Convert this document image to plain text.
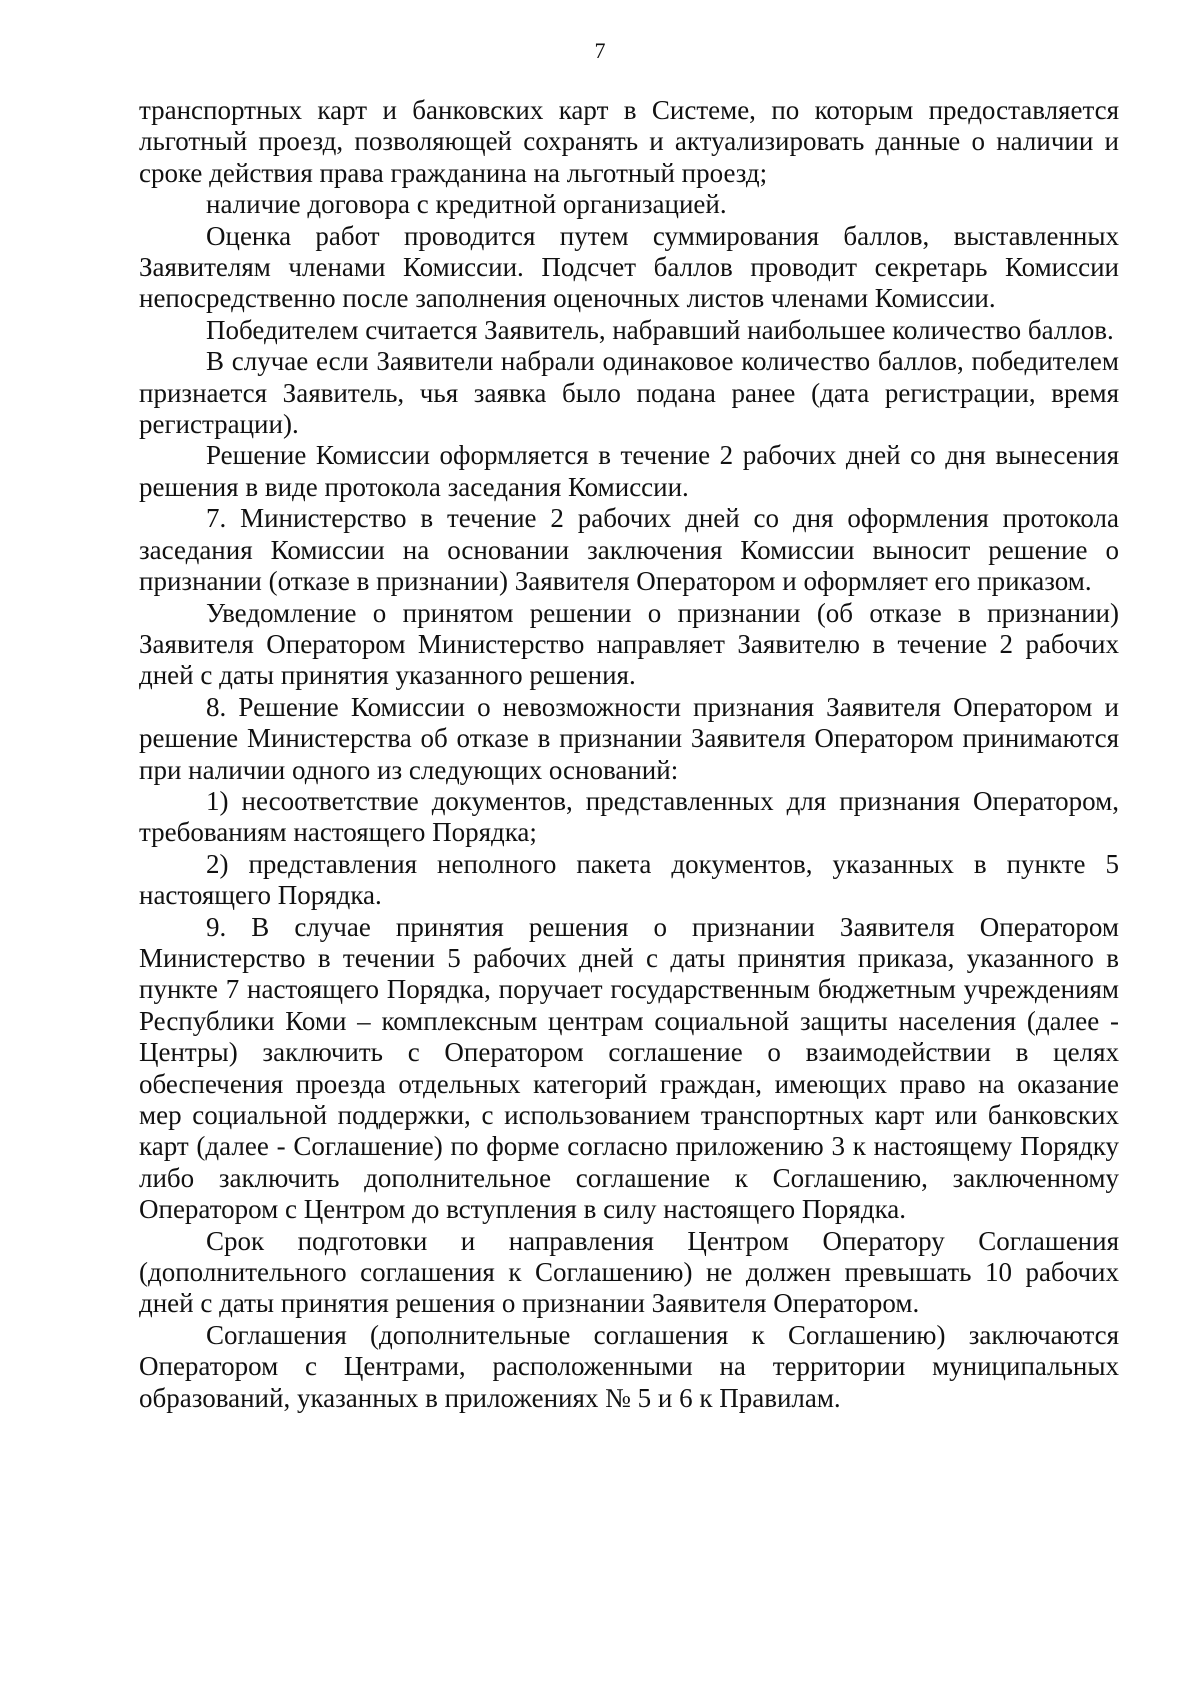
7

транспортных карт и банковских карт в Системе, по которым предоставляется льготный проезд, позволяющей сохранять и актуализировать данные о наличии и сроке действия права гражданина на льготный проезд;

наличие договора с кредитной организацией.

Оценка работ проводится путем суммирования баллов, выставленных Заявителям членами Комиссии. Подсчет баллов проводит секретарь Комиссии непосредственно после заполнения оценочных листов членами Комиссии.

Победителем считается Заявитель, набравший наибольшее количество баллов.

В случае если Заявители набрали одинаковое количество баллов, победителем признается Заявитель, чья заявка было подана ранее (дата регистрации, время регистрации).

Решение Комиссии оформляется в течение 2 рабочих дней со дня вынесения решения в виде протокола заседания Комиссии.

7. Министерство в течение 2 рабочих дней со дня оформления протокола заседания Комиссии на основании заключения Комиссии выносит решение о признании (отказе в признании) Заявителя Оператором и оформляет его приказом.

Уведомление о принятом решении о признании (об отказе в признании) Заявителя Оператором Министерство направляет Заявителю в течение 2 рабочих дней с даты принятия указанного решения.

8. Решение Комиссии о невозможности признания Заявителя Оператором и решение Министерства об отказе в признании Заявителя Оператором принимаются при наличии одного из следующих оснований:

1) несоответствие документов, представленных для признания Оператором, требованиям настоящего Порядка;

2) представления неполного пакета документов, указанных в пункте 5 настоящего Порядка.

9. В случае принятия решения о признании Заявителя Оператором Министерство в течении 5 рабочих дней с даты принятия приказа, указанного в пункте 7 настоящего Порядка, поручает государственным бюджетным учреждениям Республики Коми – комплексным центрам социальной защиты населения (далее - Центры) заключить с Оператором соглашение о взаимодействии в целях обеспечения проезда отдельных категорий граждан, имеющих право на оказание мер социальной поддержки, с использованием транспортных карт или банковских карт (далее - Соглашение) по форме согласно приложению 3 к настоящему Порядку либо заключить дополнительное соглашение к Соглашению, заключенному Оператором с Центром до вступления в силу настоящего Порядка.

Срок подготовки и направления Центром Оператору Соглашения (дополнительного соглашения к Соглашению) не должен превышать 10 рабочих дней с даты принятия решения о признании Заявителя Оператором.

Соглашения (дополнительные соглашения к Соглашению) заключаются Оператором с Центрами, расположенными на территории муниципальных образований, указанных в приложениях № 5 и 6 к Правилам.
